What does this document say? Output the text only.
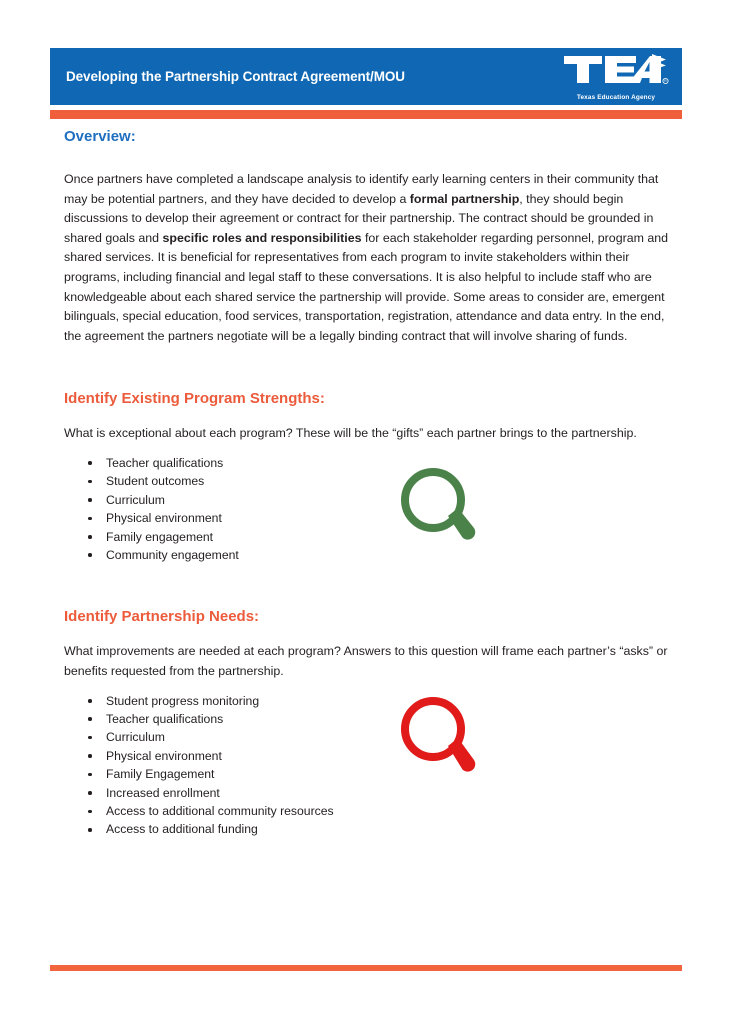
Developing the Partnership Contract Agreement/MOU	R
Texas Education Agency
Overview:

Once partners have completed a landscape analysis to identify early learning centers in their community that may be potential partners, and they have decided to develop a formal partnership, they should begin discussions to develop their agreement or contract for their partnership. The contract should be grounded in shared goals and specific roles and responsibilities for each stakeholder regarding personnel, program and shared services. It is beneficial for representatives from each program to invite stakeholders within their programs, including financial and legal staff to these conversations. It is also helpful to include staff who are knowledgeable about each shared service the partnership will provide. Some areas to consider are, emergent bilinguals, special education, food services, transportation, registration, attendance and data entry. In the end, the agreement the partners negotiate will be a legally binding contract that will involve sharing of funds.

Identify Existing Program Strengths:

What is exceptional about each program? These will be the “gifts” each partner brings to the partnership.

Teacher qualifications
Student outcomes
Curriculum
Physical environment
Family engagement
Community engagement
Identify Partnership Needs:

What improvements are needed at each program? Answers to this question will frame each partner’s “asks” or benefits requested from the partnership.

Student progress monitoring
Teacher qualifications
Curriculum
Physical environment
Family Engagement
Increased enrollment
Access to additional community resources
Access to additional funding
